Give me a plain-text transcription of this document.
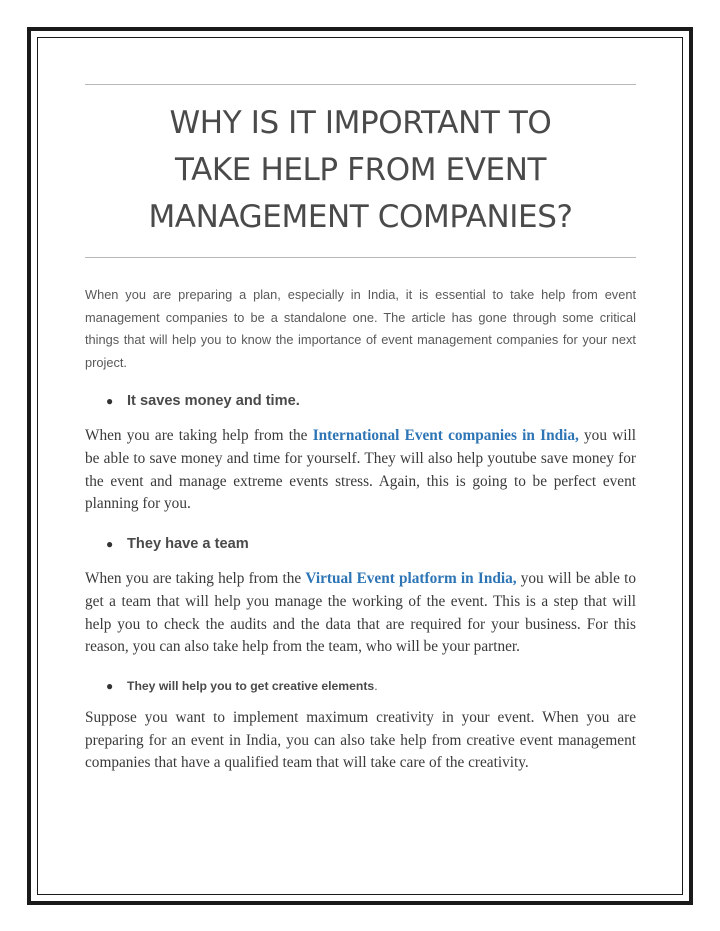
WHY IS IT IMPORTANT TO
TAKE HELP FROM EVENT
MANAGEMENT COMPANIES?

When you are preparing a plan, especially in India, it is essential to take help from event management companies to be a standalone one. The article has gone through some critical things that will help you to know the importance of event management companies for your next project.

● It saves money and time.

When you are taking help from the International Event companies in India, you will be able to save money and time for yourself. They will also help youtube save money for the event and manage extreme events stress. Again, this is going to be perfect event planning for you.

● They have a team

When you are taking help from the Virtual Event platform in India, you will be able to get a team that will help you manage the working of the event. This is a step that will help you to check the audits and the data that are required for your business. For this reason, you can also take help from the team, who will be your partner.

●	They will help you to get creative elements .

Suppose you want to implement maximum creativity in your event. When you are preparing for an event in India, you can also take help from creative event management companies that have a qualified team that will take care of the creativity.
